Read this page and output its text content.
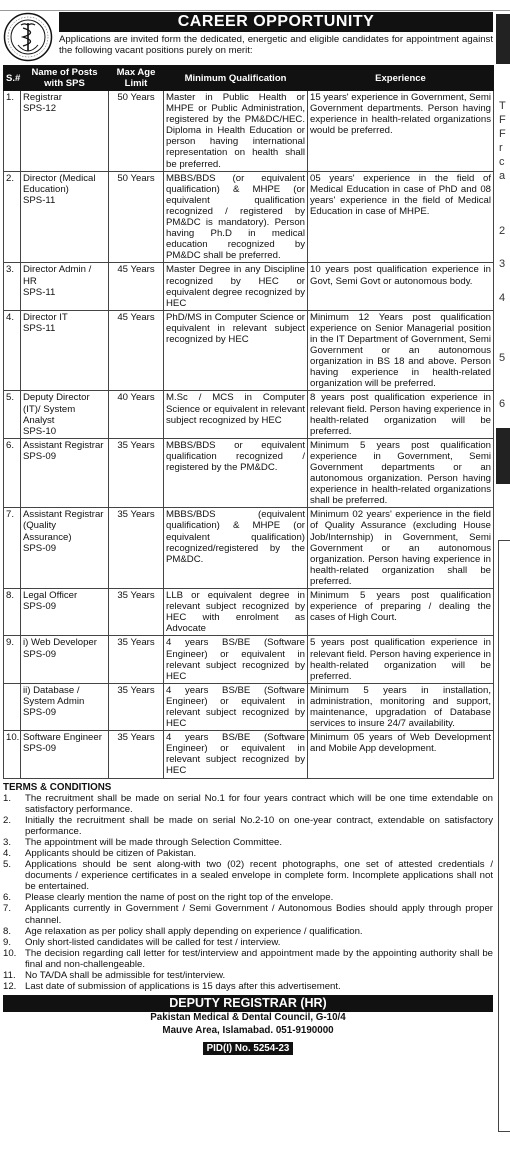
T
F
F
r
c
a
2
3
4
5
6
CAREER OPPORTUNITY
Applications are invited form the dedicated, energetic and eligible candidates for appointment against the following vacant positions purely on merit:
S.#	Name of Posts with SPS	Max Age Limit	Minimum Qualification	Experience
1.	Registrar
SPS-12	50 Years	Master in Public Health or MHPE or Public Administration, registered by the PM&DC/HEC. Diploma in Health Education or person having international representation on health shall be preferred.	15 years' experience in Government, Semi Government departments. Person having experience in health-related organizations would be preferred.
2.	Director (Medical Education)
SPS-11	50 Years	MBBS/BDS (or equivalent qualification) & MHPE (or equivalent qualification recognized / registered by PM&DC is mandatory). Person having Ph.D in medical education recognized by PM&DC shall be preferred.	05 years' experience in the field of Medical Education in case of PhD and 08 years' experience in the field of Medical Education in case of MHPE.
3.	Director Admin / HR
SPS-11	45 Years	Master Degree in any Discipline recognized by HEC or equivalent degree recognized by HEC	10 years post qualification experience in Govt, Semi Govt or autonomous body.
4.	Director IT
SPS-11	45 Years	PhD/MS in Computer Science or equivalent in relevant subject recognized by HEC	Minimum 12 Years post qualification experience on Senior Managerial position in the IT Department of Government, Semi Government or an autonomous organization in BS 18 and above. Person having experience in health-related organization will be preferred.
5.	Deputy Director (IT)/ System Analyst
SPS-10	40 Years	M.Sc / MCS in Computer Science or equivalent in relevant subject recognized by HEC	8 years post qualification experience in relevant field. Person having experience in health-related organization will be preferred.
6.	Assistant Registrar
SPS-09	35 Years	MBBS/BDS or equivalent qualification recognized / registered by the PM&DC.	Minimum 5 years post qualification experience in Government, Semi Government departments or an autonomous organization. Person having experience in health-related organizations shall be preferred.
7.	Assistant Registrar (Quality Assurance)
SPS-09	35 Years	MBBS/BDS (equivalent qualification) & MHPE (or equivalent qualification) recognized/registered by the PM&DC.	Minimum 02 years' experience in the field of Quality Assurance (excluding House Job/Internship) in Government, Semi Government or an autonomous organization. Person having experience in health-related organization shall be preferred.
8.	Legal Officer
SPS-09	35 Years	LLB or equivalent degree in relevant subject recognized by HEC with enrolment as Advocate	Minimum 5 years post qualification experience of preparing / dealing the cases of High Court.
9.	i) Web Developer
SPS-09	35 Years	4 years BS/BE (Software Engineer) or equivalent in relevant subject recognized by HEC	5 years post qualification experience in relevant field. Person having experience in health-related organization will be preferred.

	ii) Database / System Admin
SPS-09	35 Years	4 years BS/BE (Software Engineer) or equivalent in relevant subject recognized by HEC	Minimum 5 years in installation, administration, monitoring and support, maintenance, upgradation of Database services to insure 24/7 availability.
10.	Software Engineer
SPS-09	35 Years	4 years BS/BE (Software Engineer) or equivalent in relevant subject recognized by HEC	Minimum 05 years of Web Development and Mobile App development.
TERMS & CONDITIONS
1.	The recruitment shall be made on serial No.1 for four years contract which will be one time extendable on satisfactory performance.
2.	Initially the recruitment shall be made on serial No.2-10 on one-year contract, extendable on satisfactory performance.
3.	The appointment will be made through Selection Committee.
4.	Applicants should be citizen of Pakistan.
5.	Applications should be sent along-with two (02) recent photographs, one set of attested credentials / documents / experience certificates in a sealed envelope in complete form. Incomplete applications shall not be entertained.
6.	Please clearly mention the name of post on the right top of the envelope.
7.	Applicants currently in Government / Semi Government / Autonomous Bodies should apply through proper channel.
8.	Age relaxation as per policy shall apply depending on experience / qualification.
9.	Only short-listed candidates will be called for test / interview.
10. The decision regarding call letter for test/interview and appointment made by the appointing authority shall be final and non-challengeable.
11. No TA/DA shall be admissible for test/interview.
12. Last date of submission of applications is 15 days after this advertisement.
DEPUTY REGISTRAR (HR)
Pakistan Medical & Dental Council, G-10/4
Mauve Area, Islamabad. 051-9190000
PID(I) No. 5254-23
